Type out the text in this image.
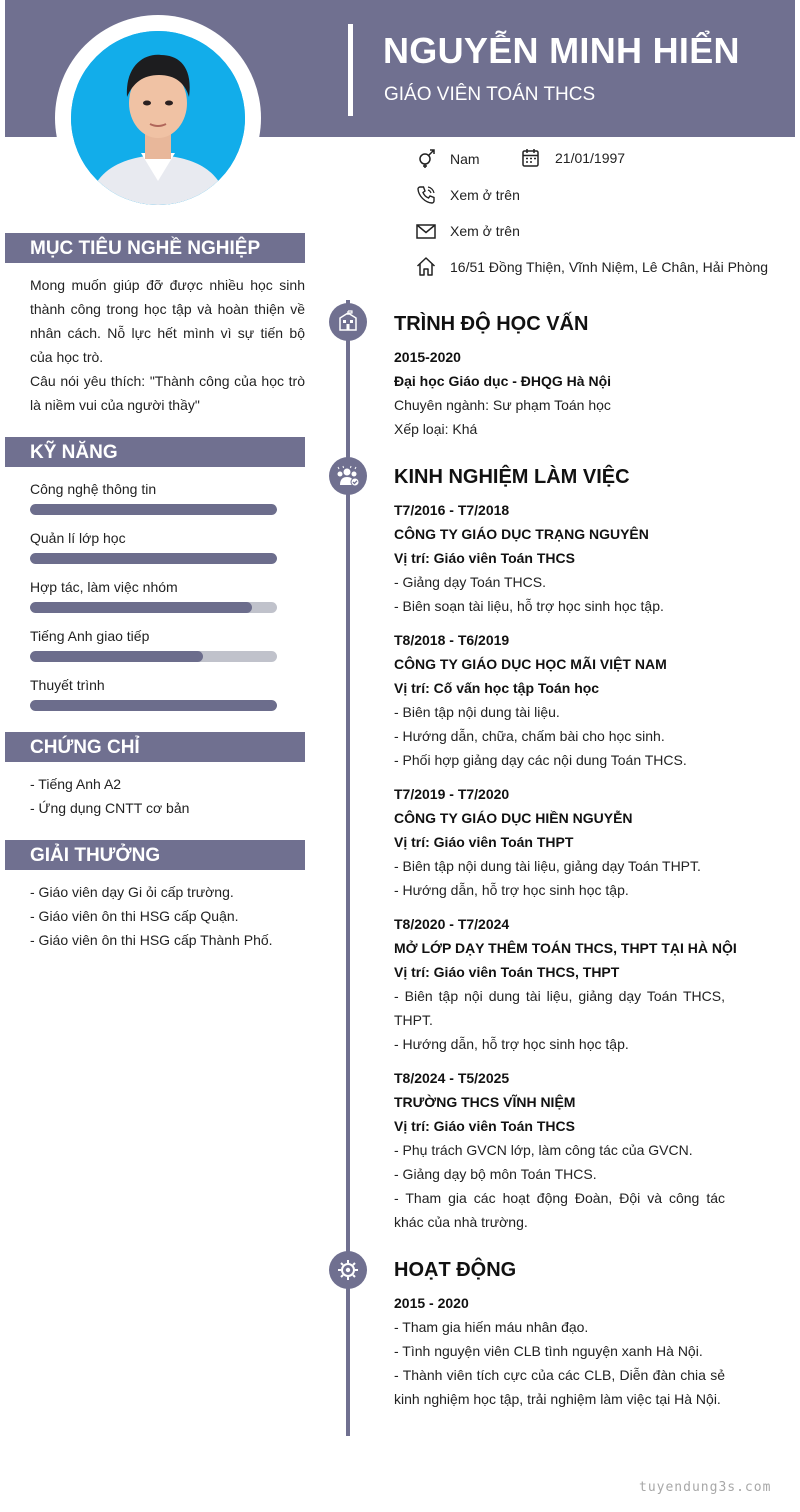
NGUYỄN MINH HIỂN
GIÁO VIÊN TOÁN THCS
Nam	21/01/1997
Xem ở trên
Xem ở trên
16/51 Đồng Thiện, Vĩnh Niệm, Lê Chân, Hải Phòng
MỤC TIÊU NGHỀ NGHIỆP
Mong muốn giúp đỡ được nhiều học sinh thành công trong học tập và hoàn thiện về nhân cách. Nỗ lực hết mình vì sự tiến bộ của học trò.
Câu nói yêu thích: "Thành công của học trò là niềm vui của người thầy"
KỸ NĂNG
Công nghệ thông tin
Quản lí lớp học
Hợp tác, làm việc nhóm
Tiếng Anh giao tiếp
Thuyết trình
CHỨNG CHỈ
- Tiếng Anh A2
- Ứng dụng CNTT cơ bản
GIẢI THƯỞNG
- Giáo viên dạy Gi ỏi cấp trường.
- Giáo viên ôn thi HSG cấp Quận.
- Giáo viên ôn thi HSG cấp Thành Phố.
TRÌNH ĐỘ HỌC VẤN
2015-2020
Đại học Giáo dục - ĐHQG Hà Nội
Chuyên ngành: Sư phạm Toán học
Xếp loại: Khá
KINH NGHIỆM LÀM VIỆC
T7/2016 - T7/2018
CÔNG TY GIÁO DỤC TRẠNG NGUYÊN
Vị trí: Giáo viên Toán THCS
- Giảng dạy Toán THCS.
- Biên soạn tài liệu, hỗ trợ học sinh học tập.
T8/2018 - T6/2019
CÔNG TY GIÁO DỤC HỌC MÃI VIỆT NAM
Vị trí: Cố vấn học tập Toán học
- Biên tập nội dung tài liệu.
- Hướng dẫn, chữa, chấm bài cho học sinh.
- Phối hợp giảng dạy các nội dung Toán THCS.
T7/2019 - T7/2020
CÔNG TY GIÁO DỤC HIỀN NGUYỄN
Vị trí: Giáo viên Toán THPT
- Biên tập nội dung tài liệu, giảng dạy Toán THPT.
- Hướng dẫn, hỗ trợ học sinh học tập.
T8/2020 - T7/2024
MỞ LỚP DẠY THÊM TOÁN THCS, THPT TẠI HÀ NỘI
Vị trí: Giáo viên Toán THCS, THPT
- Biên tập nội dung tài liệu, giảng dạy Toán THCS, THPT.
- Hướng dẫn, hỗ trợ học sinh học tập.
T8/2024 - T5/2025
TRƯỜNG THCS VĨNH NIỆM
Vị trí: Giáo viên Toán THCS
- Phụ trách GVCN lớp, làm công tác của GVCN.
- Giảng dạy bộ môn Toán THCS.
- Tham gia các hoạt động Đoàn, Đội và công tác khác của nhà trường.
HOẠT ĐỘNG
2015 - 2020
- Tham gia hiến máu nhân đạo.
- Tình nguyện viên CLB tình nguyện xanh Hà Nội.
- Thành viên tích cực của các CLB, Diễn đàn chia sẻ kinh nghiệm học tập, trải nghiệm làm việc tại Hà Nội.
tuyendung3s.com
